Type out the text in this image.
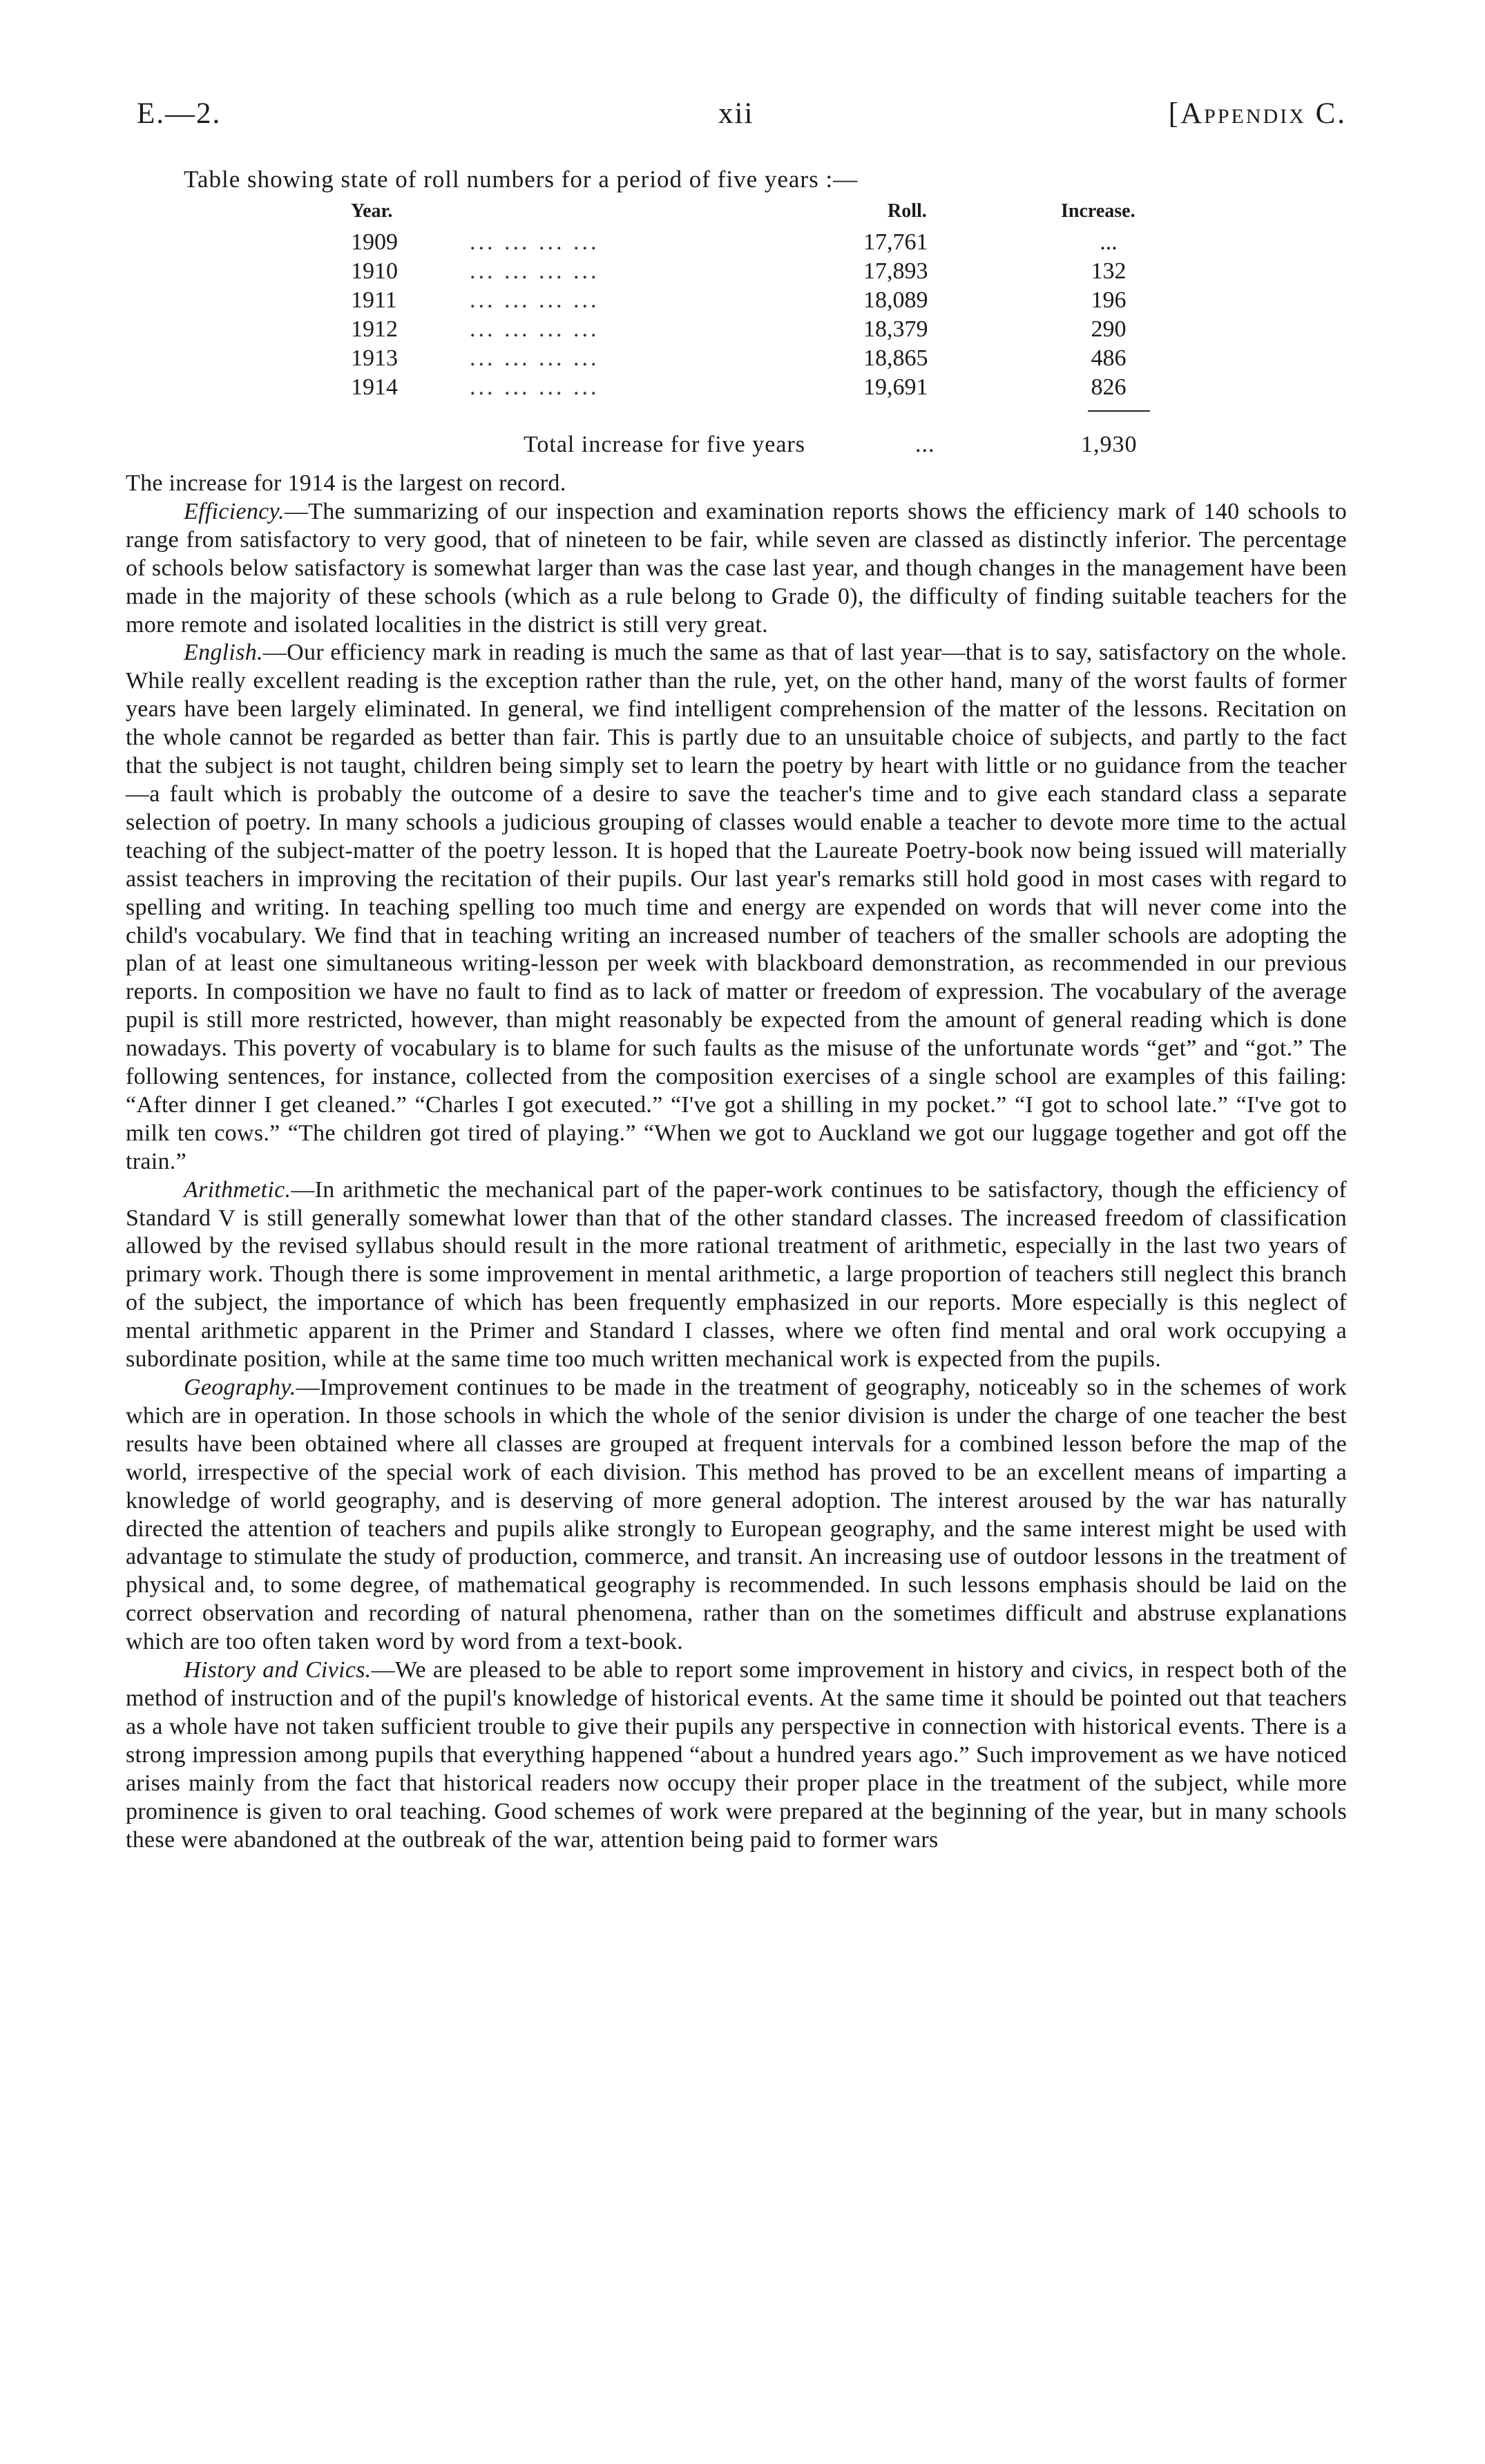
E.—2.	xii	[Appendix C.
Table showing state of roll numbers for a period of five years :—
Year.	Roll.	Increase.
1909	... ... ... ...	17,761	...
1910	... ... ... ...	17,893	132
1911	... ... ... ...	18,089	196
1912	... ... ... ...	18,379	290
1913	... ... ... ...	18,865	486
1914	... ... ... ...	19,691	826
Total increase for five years	...	1,930

The increase for 1914 is the largest on record.

Efficiency.—The summarizing of our inspection and examination reports shows the efficiency mark of 140 schools to range from satisfactory to very good, that of nineteen to be fair, while seven are classed as distinctly inferior. The percentage of schools below satisfactory is somewhat larger than was the case last year, and though changes in the management have been made in the majority of these schools (which as a rule belong to Grade 0), the difficulty of finding suitable teachers for the more remote and isolated localities in the district is still very great.

English.—Our efficiency mark in reading is much the same as that of last year—that is to say, satisfactory on the whole. While really excellent reading is the exception rather than the rule, yet, on the other hand, many of the worst faults of former years have been largely eliminated. In general, we find intelligent comprehension of the matter of the lessons. Recitation on the whole cannot be regarded as better than fair. This is partly due to an unsuitable choice of subjects, and partly to the fact that the subject is not taught, children being simply set to learn the poetry by heart with little or no guidance from the teacher—a fault which is probably the outcome of a desire to save the teacher's time and to give each standard class a separate selection of poetry. In many schools a judicious grouping of classes would enable a teacher to devote more time to the actual teaching of the subject-matter of the poetry lesson. It is hoped that the Laureate Poetry-book now being issued will materially assist teachers in improving the recitation of their pupils. Our last year's remarks still hold good in most cases with regard to spelling and writing. In teaching spelling too much time and energy are expended on words that will never come into the child's vocabulary. We find that in teaching writing an increased number of teachers of the smaller schools are adopting the plan of at least one simultaneous writing-lesson per week with blackboard demonstration, as recommended in our previous reports. In composition we have no fault to find as to lack of matter or freedom of expression. The vocabulary of the average pupil is still more restricted, however, than might reasonably be expected from the amount of general reading which is done nowadays. This poverty of vocabulary is to blame for such faults as the misuse of the unfortunate words “get” and “got.” The following sentences, for instance, collected from the composition exercises of a single school are examples of this failing: “After dinner I get cleaned.” “Charles I got executed.” “I've got a shilling in my pocket.” “I got to school late.” “I've got to milk ten cows.” “The children got tired of playing.” “When we got to Auckland we got our luggage together and got off the train.”

Arithmetic.—In arithmetic the mechanical part of the paper-work continues to be satisfactory, though the efficiency of Standard V is still generally somewhat lower than that of the other standard classes. The increased freedom of classification allowed by the revised syllabus should result in the more rational treatment of arithmetic, especially in the last two years of primary work. Though there is some improvement in mental arithmetic, a large proportion of teachers still neglect this branch of the subject, the importance of which has been frequently emphasized in our reports. More especially is this neglect of mental arithmetic apparent in the Primer and Standard I classes, where we often find mental and oral work occupying a subordinate position, while at the same time too much written mechanical work is expected from the pupils.

Geography.—Improvement continues to be made in the treatment of geography, noticeably so in the schemes of work which are in operation. In those schools in which the whole of the senior division is under the charge of one teacher the best results have been obtained where all classes are grouped at frequent intervals for a combined lesson before the map of the world, irrespective of the special work of each division. This method has proved to be an excellent means of imparting a knowledge of world geography, and is deserving of more general adoption. The interest aroused by the war has naturally directed the attention of teachers and pupils alike strongly to European geography, and the same interest might be used with advantage to stimulate the study of production, commerce, and transit. An increasing use of outdoor lessons in the treatment of physical and, to some degree, of mathematical geography is recommended. In such lessons emphasis should be laid on the correct observation and recording of natural phenomena, rather than on the sometimes difficult and abstruse explanations which are too often taken word by word from a text-book.

History and Civics.—We are pleased to be able to report some improvement in history and civics, in respect both of the method of instruction and of the pupil's knowledge of historical events. At the same time it should be pointed out that teachers as a whole have not taken sufficient trouble to give their pupils any perspective in connection with historical events. There is a strong impression among pupils that everything happened “about a hundred years ago.” Such improvement as we have noticed arises mainly from the fact that historical readers now occupy their proper place in the treatment of the subject, while more prominence is given to oral teaching. Good schemes of work were prepared at the beginning of the year, but in many schools these were abandoned at the outbreak of the war, attention being paid to former wars
